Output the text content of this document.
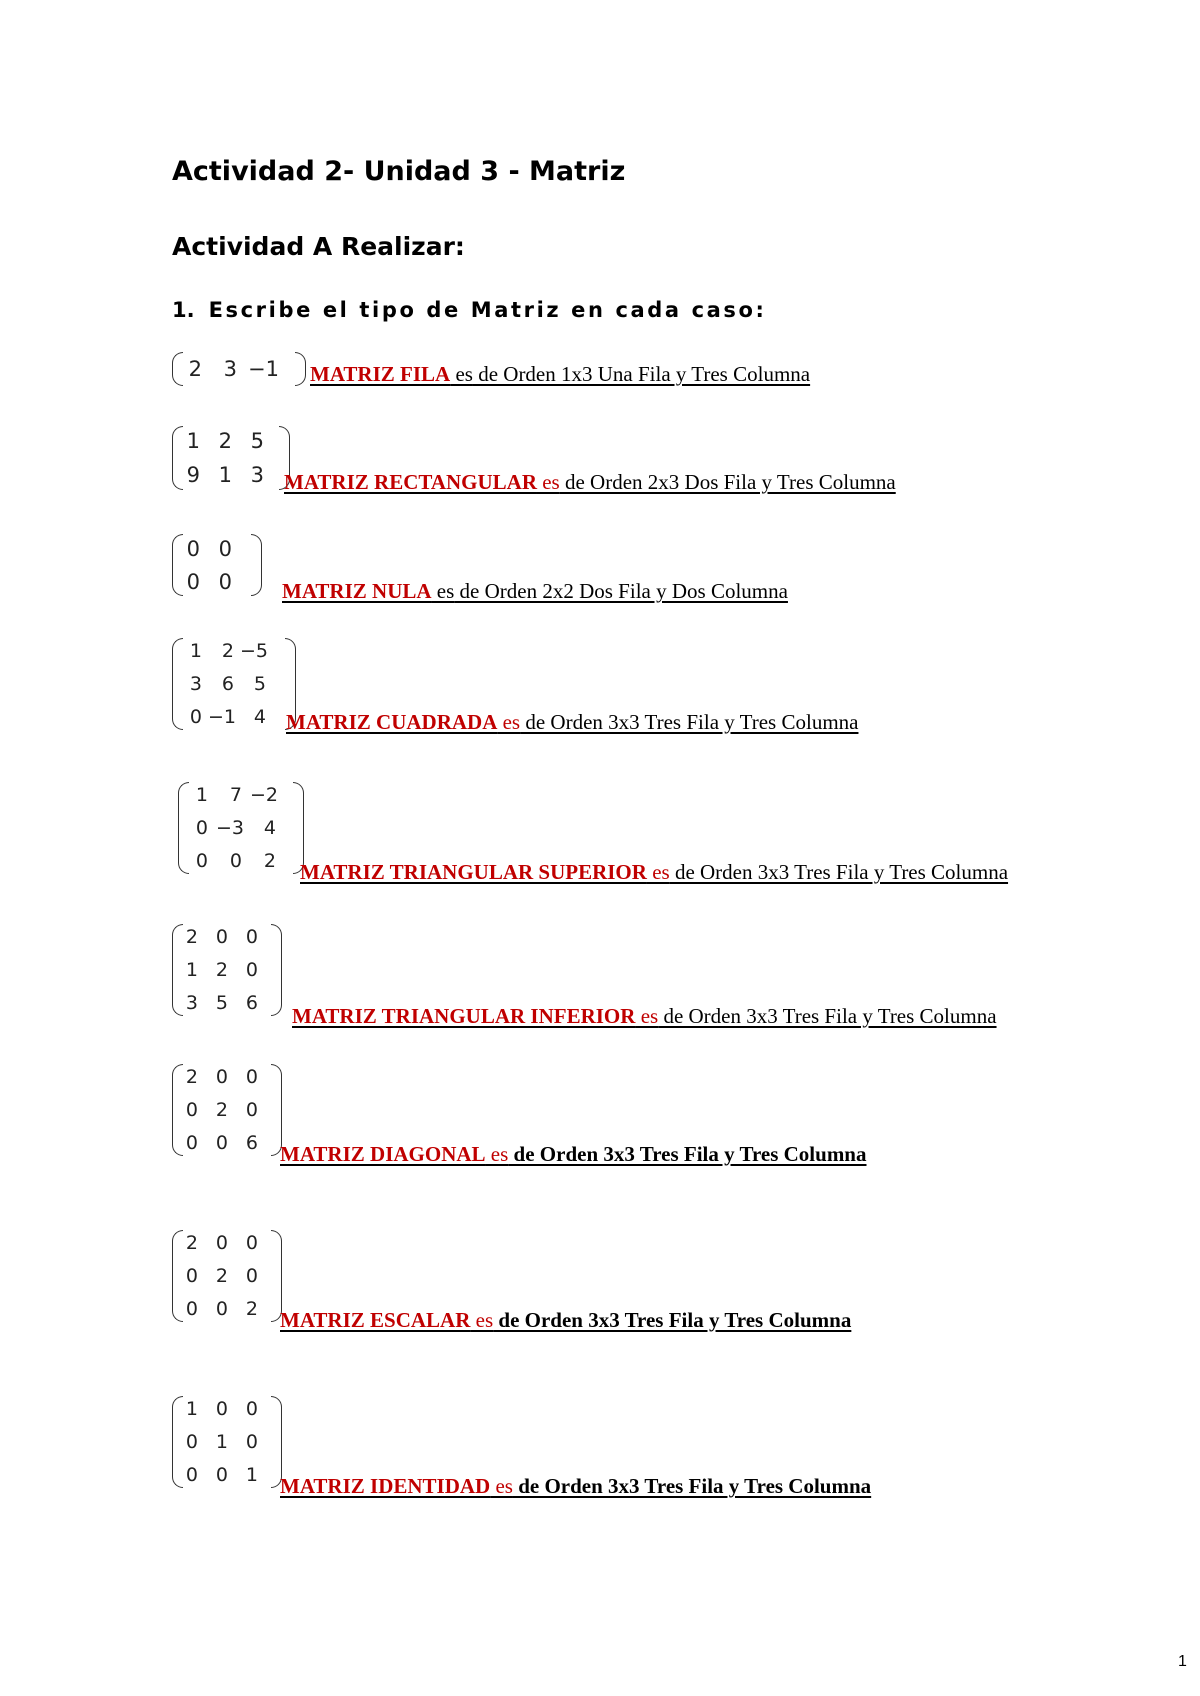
Actividad 2- Unidad 3 - Matriz
Actividad A Realizar:

1. Escribe el tipo de Matriz en cada caso:

2	3 −1 MATRIZ FILA es de Orden 1x3 Una Fila y Tres Columna
1 2 5
9 1 3 MATRIZ RECTANGULAR es de Orden 2x3 Dos Fila y Tres Columna
0 0
0 0 MATRIZ NULA es de Orden 2x2 Dos Fila y Dos Columna
1	2 −5
3	6	5
0 −1 4 MATRIZ CUADRADA es de Orden 3x3 Tres Fila y Tres Columna
1	7 −2
0 −3	4
0	0	2 MATRIZ TRIANGULAR SUPERIOR es de Orden 3x3 Tres Fila y Tres Columna
2 0 0
1 2 0
3 5 6
MATRIZ TRIANGULAR INFERIOR es de Orden 3x3 Tres Fila y Tres Columna
2 0 0
0 2 0
0 0 6 MATRIZ DIAGONAL es de Orden 3x3 Tres Fila y Tres Columna
2 0 0
0 2 0
0 0 2 MATRIZ ESCALAR es de Orden 3x3 Tres Fila y Tres Columna
1 0 0
0 1 0
0 0 1 MATRIZ IDENTIDAD es de Orden 3x3 Tres Fila y Tres Columna
1
